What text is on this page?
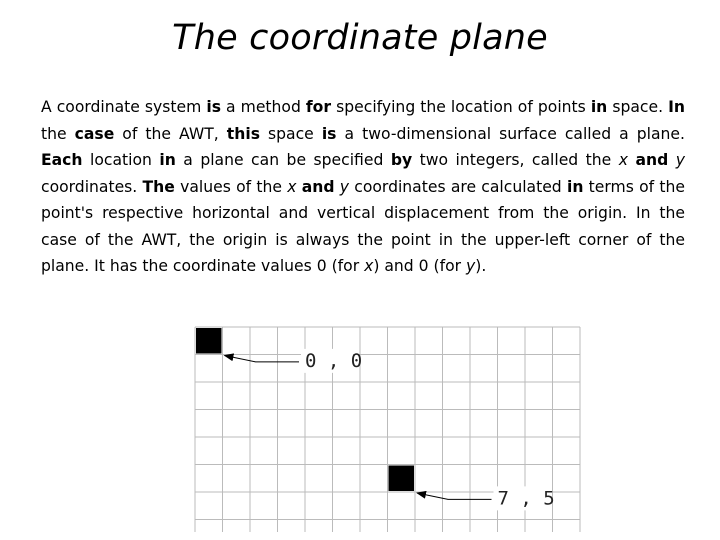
The coordinate plane

A coordinate system is a method for specifying the location of points in space. In the case of the AWT, this space is a two-dimensional surface called a plane. Each location in a plane can be specified by two integers, called the x and y coordinates. The values of the x and y coordinates are calculated in terms of the point's respective horizontal and vertical displacement from the origin. In the case of the AWT, the origin is always the point in the upper-left corner of the plane. It has the coordinate values 0 (for x) and 0 (for y).

0 , 0
7 , 5
